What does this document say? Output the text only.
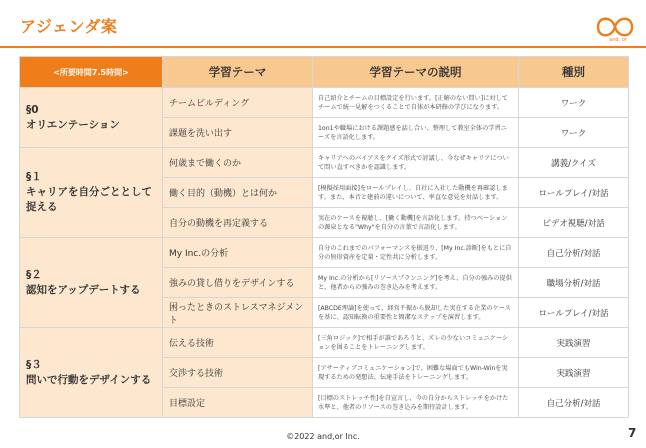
アジェンダ案
and, or
<所要時間7.5時間>	学習テーマ	学習テーマの説明	種別
§0
オリエンテーション	チームビルディング	自己紹介とチームの目標設定を行います。[正解のない問い]に対してチームで統一見解をつくることで自体が本研修の学びになります。	ワーク
	課題を洗い出す	1on1や職場における課題感を話し合い、整理して教室全体の学習ニーズを言語化します。	ワーク
§１
キャリアを自分ごととして捉える	何歳まで働くのか	キャリアへのバイアスをクイズ形式で討議し、今なぜキャリアについて問い直すべきかを認識します。	講義/クイズ
	働く目的（動機）とは何か	[模擬採用面接]をロールプレイし、自社に入社した動機を再確認します。また、本音と建前の違いについて、率直な意見を対話します。	ロールプレイ/対話
	自分の動機を再定義する	実在のケースを視聴し、[働く動機]を言語化します。持つベーションの源泉となる"Why"を自分の言葉で言語化します。	ビデオ視聴/対話
§２
認知をアップデートする	My Inc.の分析	自分のこれまでのパフォーマンスを振返り、[My Inc.診断]をもとに自分の無形資産を定量・定性共に分析します。	自己分析/対話
	強みの貸し借りをデザインする	My Inc.の分析から[リソースプランニング]を考え、自分の強みの提供と、他者からの強みの巻き込みを考えます。	職場分析/対話
	困ったときのストレスマネジメント	[ABCDE理論]を使って、経営不振から脱却した実在する企業のケースを基に、認知転換の重要性と簡潔なステップを演習します。	ロールプレイ/対話
§３
問いで行動をデザインする	伝える技術	[三角ロジック]で相手が誰であろうと、ズレの少ないコミュニケーションを図ることをトレーニングします。	実践演習
	交渉する技術	[アサーティブコミュニケーション]で、困難な場面でもWin-Winを実現するための発想法、伝達手法をトレーニングします。	実践演習
	目標設定	[目標のストレッチ性]を自宣言し、今の自分からストレッチをかけた水準と、他者のリソースの巻き込みを期待設計します。	自己分析/対話
©2022 and,or Inc.	7
